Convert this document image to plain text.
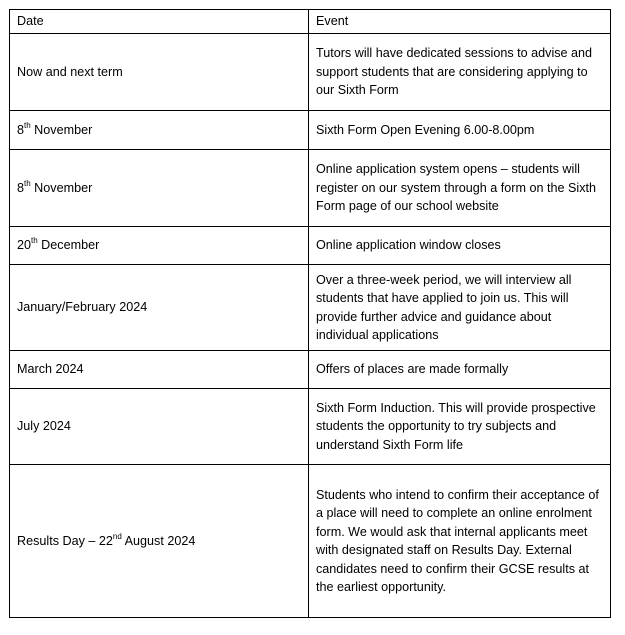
Date	Event
Now and next term	Tutors will have dedicated sessions to advise and support students that are considering applying to our Sixth Form
8th November	Sixth Form Open Evening 6.00-8.00pm
8th November	Online application system opens – students will register on our system through a form on the Sixth Form page of our school website
20th December	Online application window closes
January/February 2024	Over a three-week period, we will interview all students that have applied to join us. This will provide further advice and guidance about individual applications
March 2024	Offers of places are made formally
July 2024	Sixth Form Induction. This will provide prospective students the opportunity to try subjects and understand Sixth Form life
Results Day – 22nd August 2024	Students who intend to confirm their acceptance of a place will need to complete an online enrolment form. We would ask that internal applicants meet with designated staff on Results Day. External candidates need to confirm their GCSE results at the earliest opportunity.
